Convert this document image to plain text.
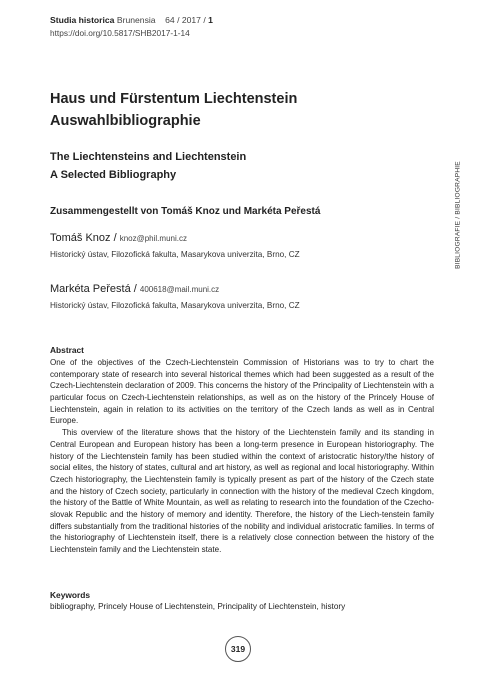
Studia historica Brunensia 64 / 2017 / 1
https://doi.org/10.5817/SHB2017-1-14
BIBLIOGRAFIE / BIBLIOGRAPHIE
Haus und Fürstentum Liechtenstein
Auswahlbibliographie
The Liechtensteins and Liechtenstein
A Selected Bibliography
Zusammengestellt von Tomáš Knoz und Markéta Peřestá
Tomáš Knoz / knoz@phil.muni.cz
Historický ústav, Filozofická fakulta, Masarykova univerzita, Brno, CZ
Markéta Peřestá / 400618@mail.muni.cz
Historický ústav, Filozofická fakulta, Masarykova univerzita, Brno, CZ
Abstract

One of the objectives of the Czech-Liechtenstein Commission of Historians was to try to chart the contemporary state of research into several historical themes which had been suggested as a result of the Czech-Liechtenstein declaration of 2009. This concerns the history of the Principality of Liechtenstein with a particular focus on Czech-Liechtenstein relationships, as well as on the history of the Princely House of Liechtenstein, again in relation to its activities on the territory of the Czech lands as well as in Central Europe.

This overview of the literature shows that the history of the Liechtenstein family and its standing in Central European and European history has been a long-term presence in European historiography. The history of the Liechtenstein family has been studied within the context of aristocratic history/the history of social elites, the history of states, cultural and art history, as well as regional and local historiography. Within Czech historiography, the Liechtenstein family is typically present as part of the history of the Czech state and the history of Czech society, particularly in connection with the history of the medieval Czech kingdom, the history of the Battle of White Mountain, as well as relating to research into the foundation of the Czecho-slovak Republic and the history of memory and identity. Therefore, the history of the Liech-tenstein family differs substantially from the traditional histories of the nobility and individual aristocratic families. In terms of the historiography of Liechtenstein itself, there is a relatively close connection between the history of the Liechtenstein family and the Liechtenstein state.

Keywords
bibliography, Princely House of Liechtenstein, Principality of Liechtenstein, history
319
